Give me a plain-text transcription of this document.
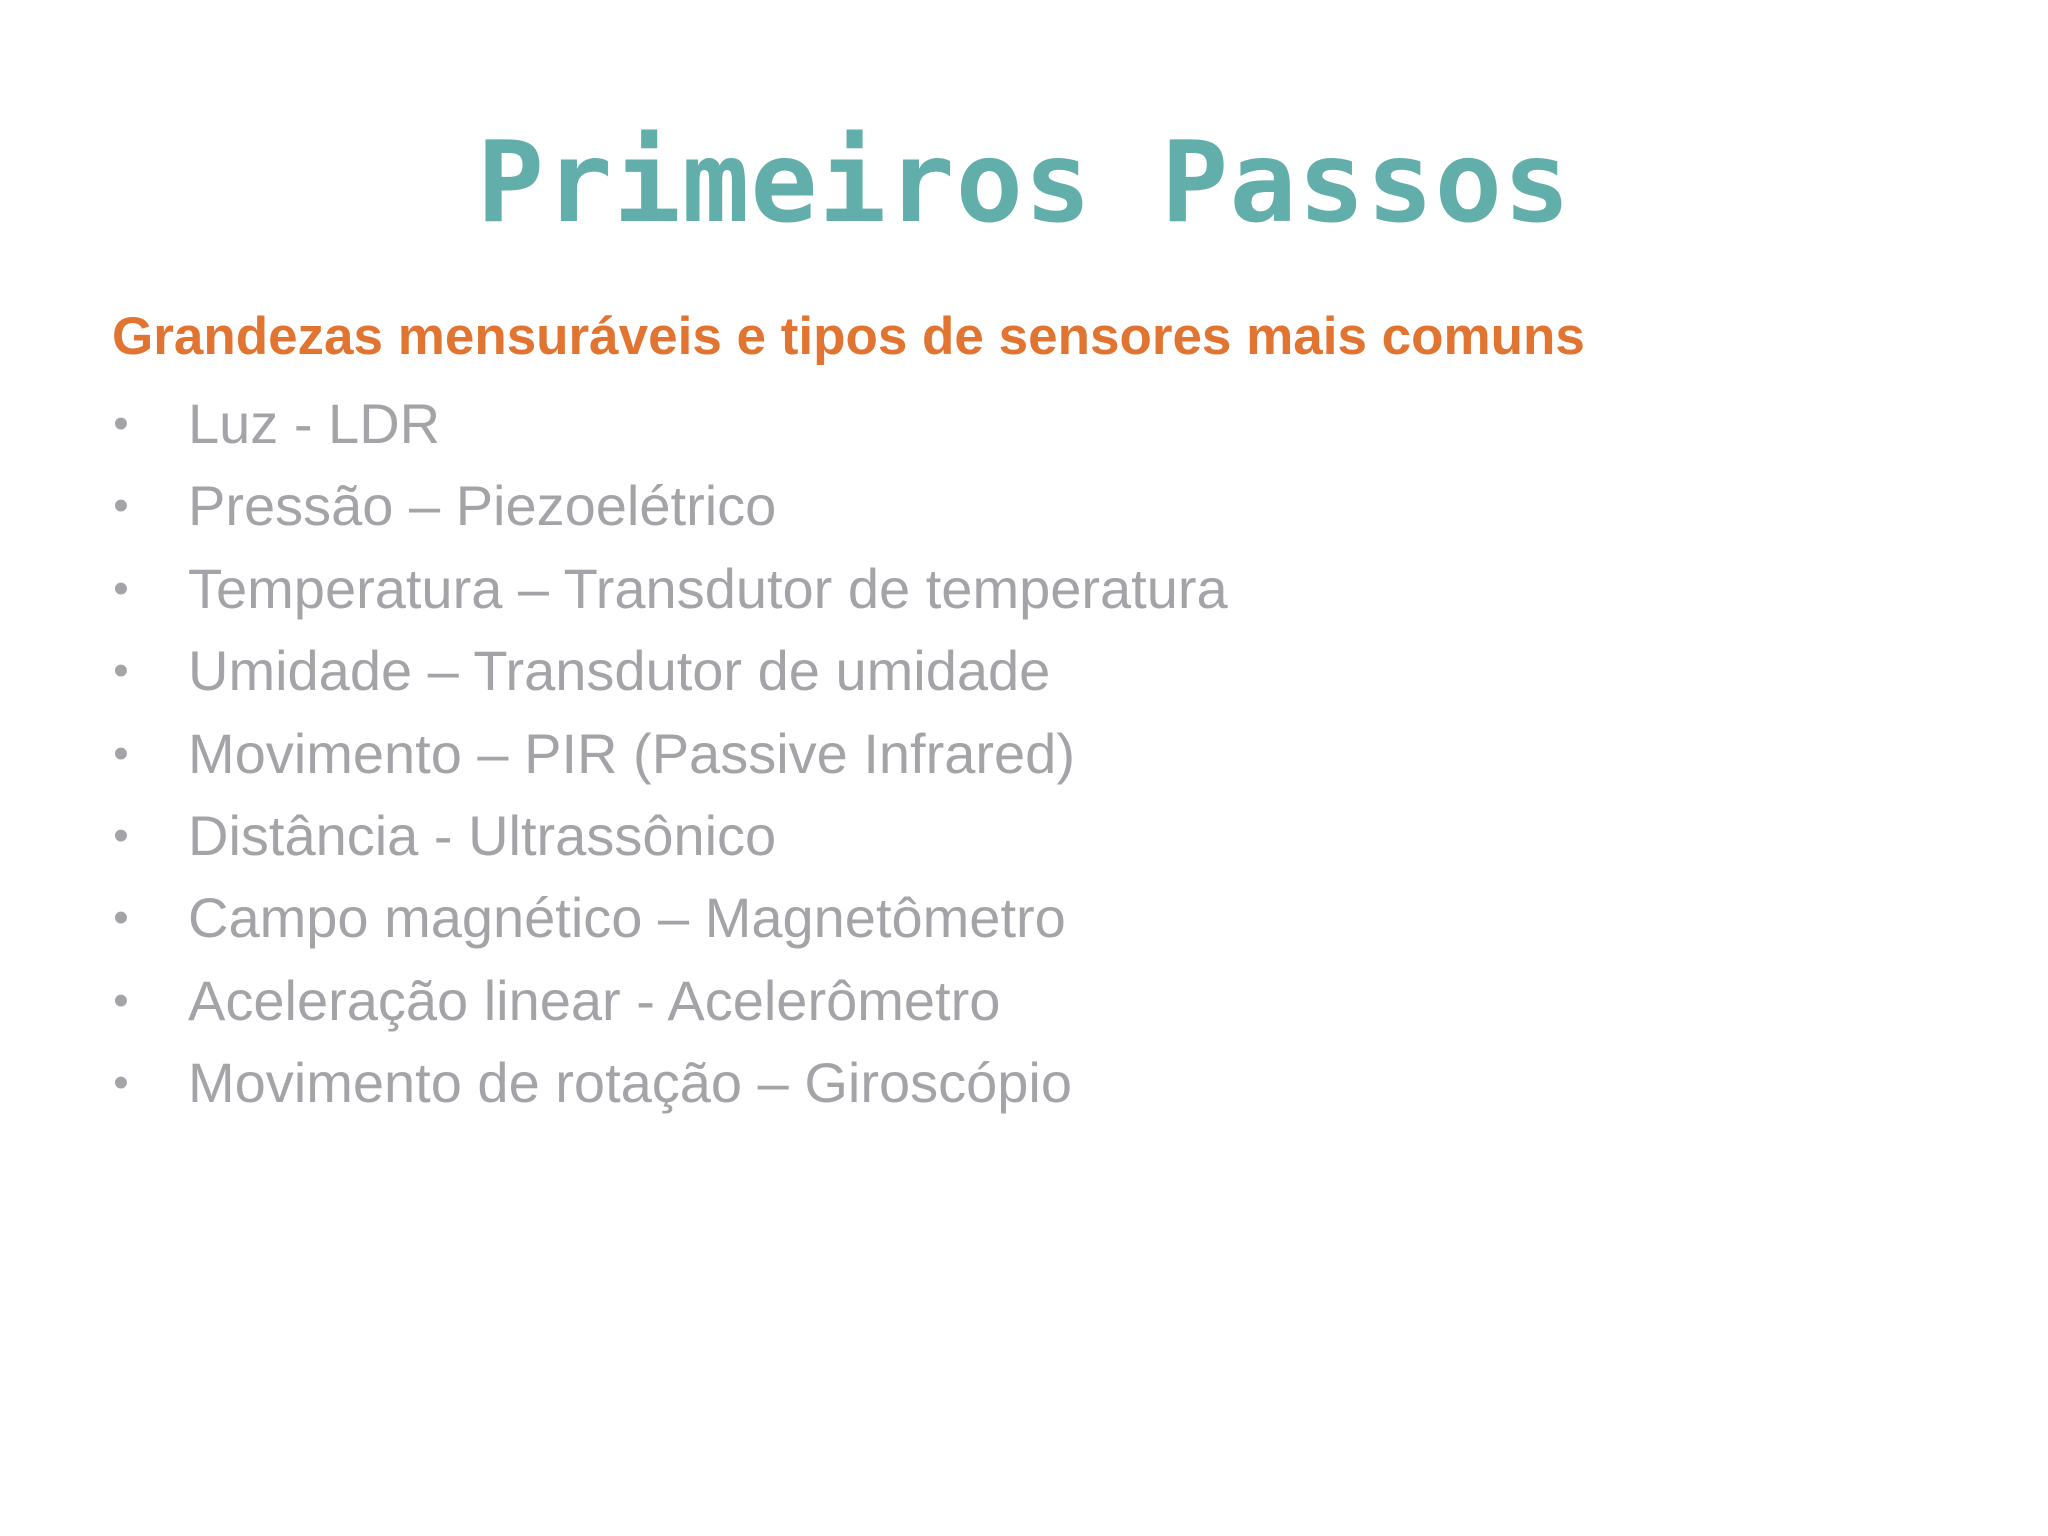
Primeiros Passos
Grandezas mensuráveis e tipos de sensores mais comuns
• Luz - LDR
• Pressão – Piezoelétrico
• Temperatura – Transdutor de temperatura
• Umidade – Transdutor de umidade
• Movimento – PIR (Passive Infrared)
• Distância - Ultrassônico
• Campo magnético – Magnetômetro
• Aceleração linear - Acelerômetro
• Movimento de rotação – Giroscópio
